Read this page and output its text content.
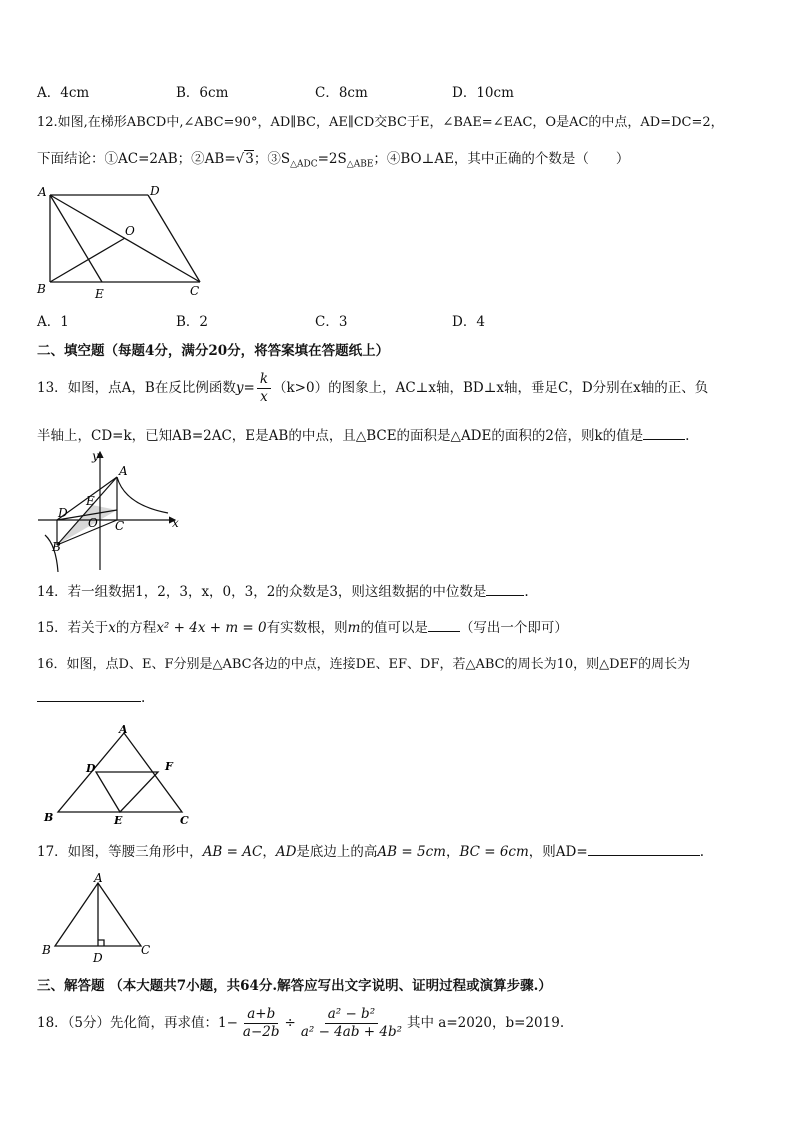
A．4cm	B．6cm	C．8cm	D．10cm
12.如图,在梯形ABCD中,∠ABC=90°，AD∥BC，AE∥CD交BC于E，∠BAE=∠EAC，O是AC的中点，AD=DC=2，
下面结论：①AC=2AB；②AB=√3；$③S_{\triangle ADC}=2S_{\triangle ABE}$；④BO⊥AE，其中正确的个数是（　　）
A	D
O
B	E	C
A．1	B．2	C．3	D．4
二、填空题（每题4分，满分20分，将答案填在答题纸上）
13．如图，点A，B在反比例函数$y= \frac{k}{x} (k>0)$的图象上，AC⊥x轴，BD⊥x轴，垂足C，D分别在x轴的正、负
半轴上，CD=k，已知AB=2AC，E是AB的中点，且△BCE的面积是△ADE的面积的2倍，则k的值是	.
y
A
E
D
O C	x
B
14．若一组数据1，2，3，x，0，3，2的众数是3，则这组数据的中位数是	.
15．若关于x的方程x² + 4x + m = 0有实数根，则m的值可以是 （写出一个即可）
16．如图，点D、E、F分别是△ABC各边的中点，连接DE、EF、DF，若△ABC的周长为10，则△DEF的周长为
.
A
D	F
B	E	C
17．如图，等腰三角形中，AB = AC，AD是底边上的高AB = 5cm，BC = 6cm，则AD=	.
A
B	C
D
三、解答题 （本大题共7小题，共64分.解答应写出文字说明、证明过程或演算步骤.）
18．（5分）先化简，再求值：$1- \frac{a+b}{a-2b} \div \frac{\text{a² − b²}}{\text{a² − 4ab + 4b²}}$ 其中 a=2020，b=2019.
